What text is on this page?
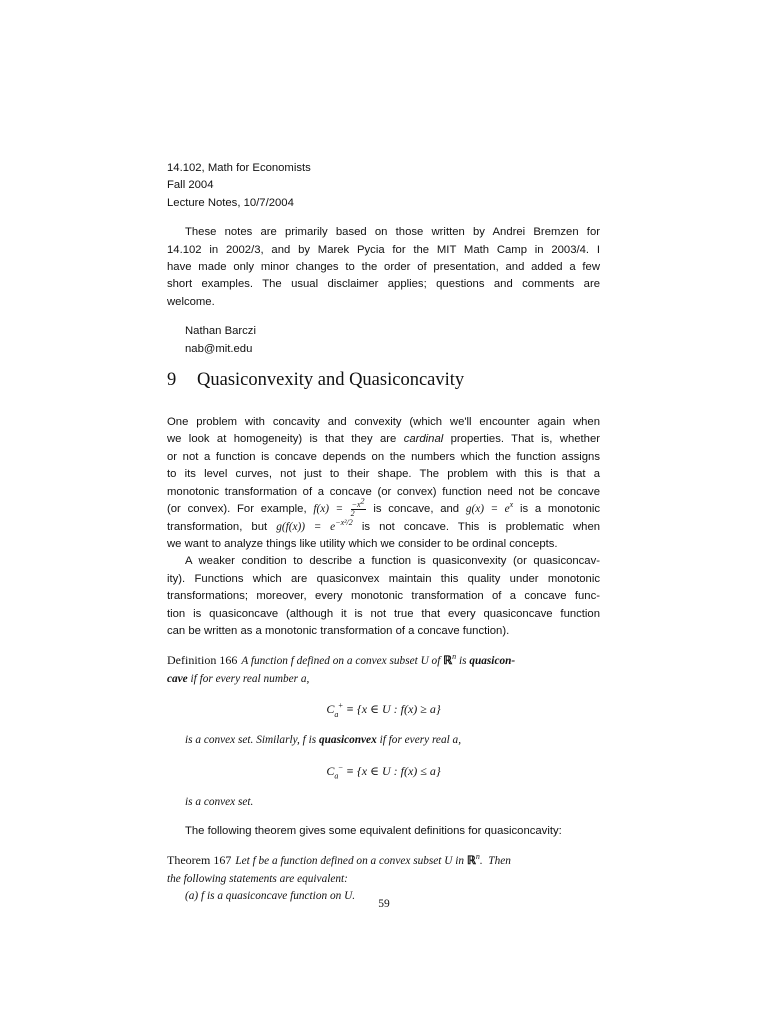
14.102, Math for Economists
Fall 2004
Lecture Notes, 10/7/2004
These notes are primarily based on those written by Andrei Bremzen for
14.102 in 2002/3, and by Marek Pycia for the MIT Math Camp in 2003/4. I
have made only minor changes to the order of presentation, and added a few
short examples. The usual disclaimer applies; questions and comments are
welcome.
Nathan Barczi
nab@mit.edu
9 Quasiconvexity and Quasiconcavity
One problem with concavity and convexity (which we'll encounter again when
we look at homogeneity) is that they are cardinal properties. That is, whether
or not a function is concave depends on the numbers which the function assigns
to its level curves, not just to their shape. The problem with this is that a
monotonic transformation of a concave (or convex) function need not be concave
(or convex). For example, $f(x) = \frac{-x^2}{2}$ is concave, and $g(x) = e^x$ is a monotonic
transformation, but $g(f(x)) = e^{-x^2/2}$ is not concave. This is problematic when
we want to analyze things like utility which we consider to be ordinal concepts.
A weaker condition to describe a function is quasiconvexity (or quasiconcav-
ity). Functions which are quasiconvex maintain this quality under monotonic
transformations; moreover, every monotonic transformation of a concave func-
tion is quasiconcave (although it is not true that every quasiconcave function
can be written as a monotonic transformation of a concave function).
Definition 166 A function f defined on a convex subset U of ℝ$^n$ is quasicon-
cave if for every real number a,
$C_a^+ \equiv \{x$ ∈ U : f(x) ≥ a}
is a convex set. Similarly, f is quasiconvex if for every real a,
$C_a^- \equiv \{x$ ∈ U : f(x) ≤ a}
is a convex set.
The following theorem gives some equivalent definitions for quasiconcavity:
Theorem 167 Let f be a function defined on a convex subset U in ℝ$^n$.  Then
the following statements are equivalent:
(a) f is a quasiconcave function on U.
59
